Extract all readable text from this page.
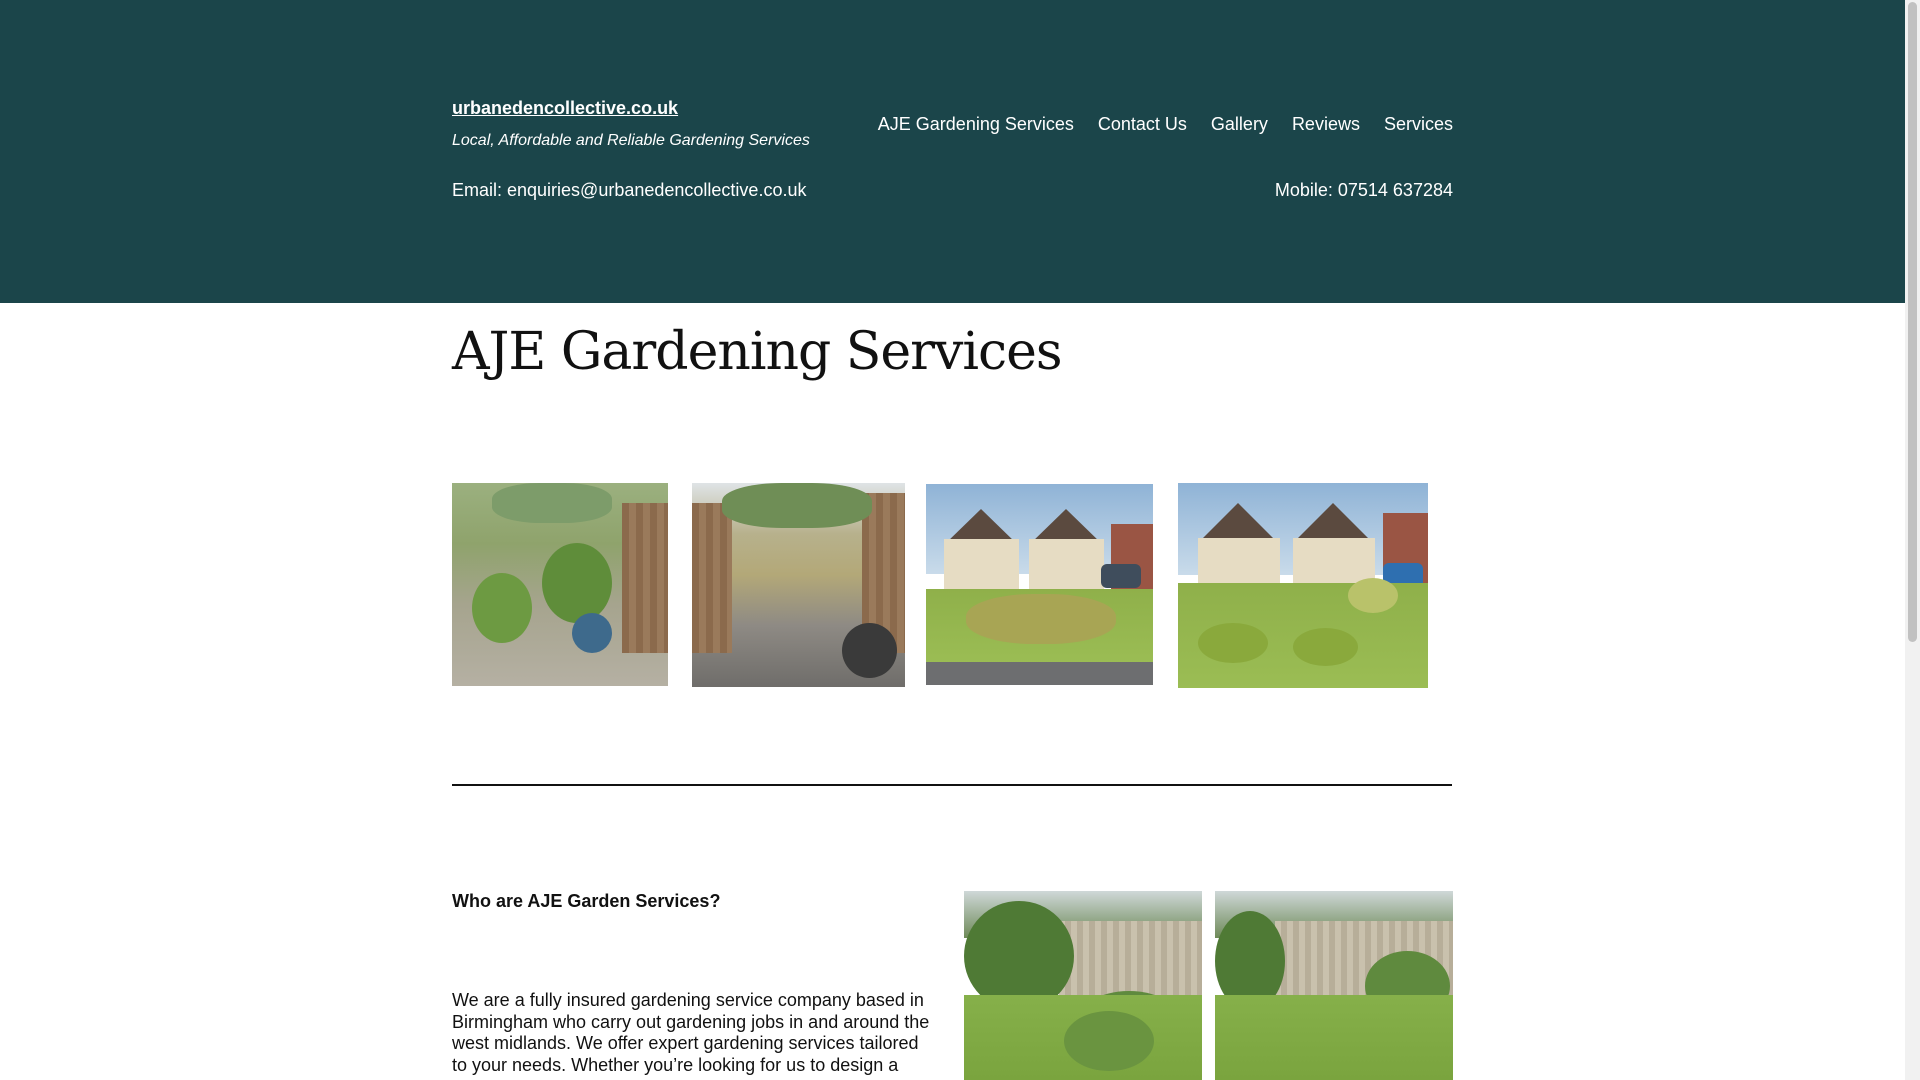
urbanedencollective.co.uk
Local, Affordable and Reliable Gardening Services
AJE Gardening Services Contact Us Gallery Reviews Services
Email: enquiries@urbanedencollective.co.uk	Mobile: 07514 637284
AJE Gardening Services
Who are AJE Garden Services?

We are a fully insured gardening service company based in Birmingham who carry out gardening jobs in and around the west midlands. We offer expert gardening services tailored to your needs. Whether you’re looking for us to design a
